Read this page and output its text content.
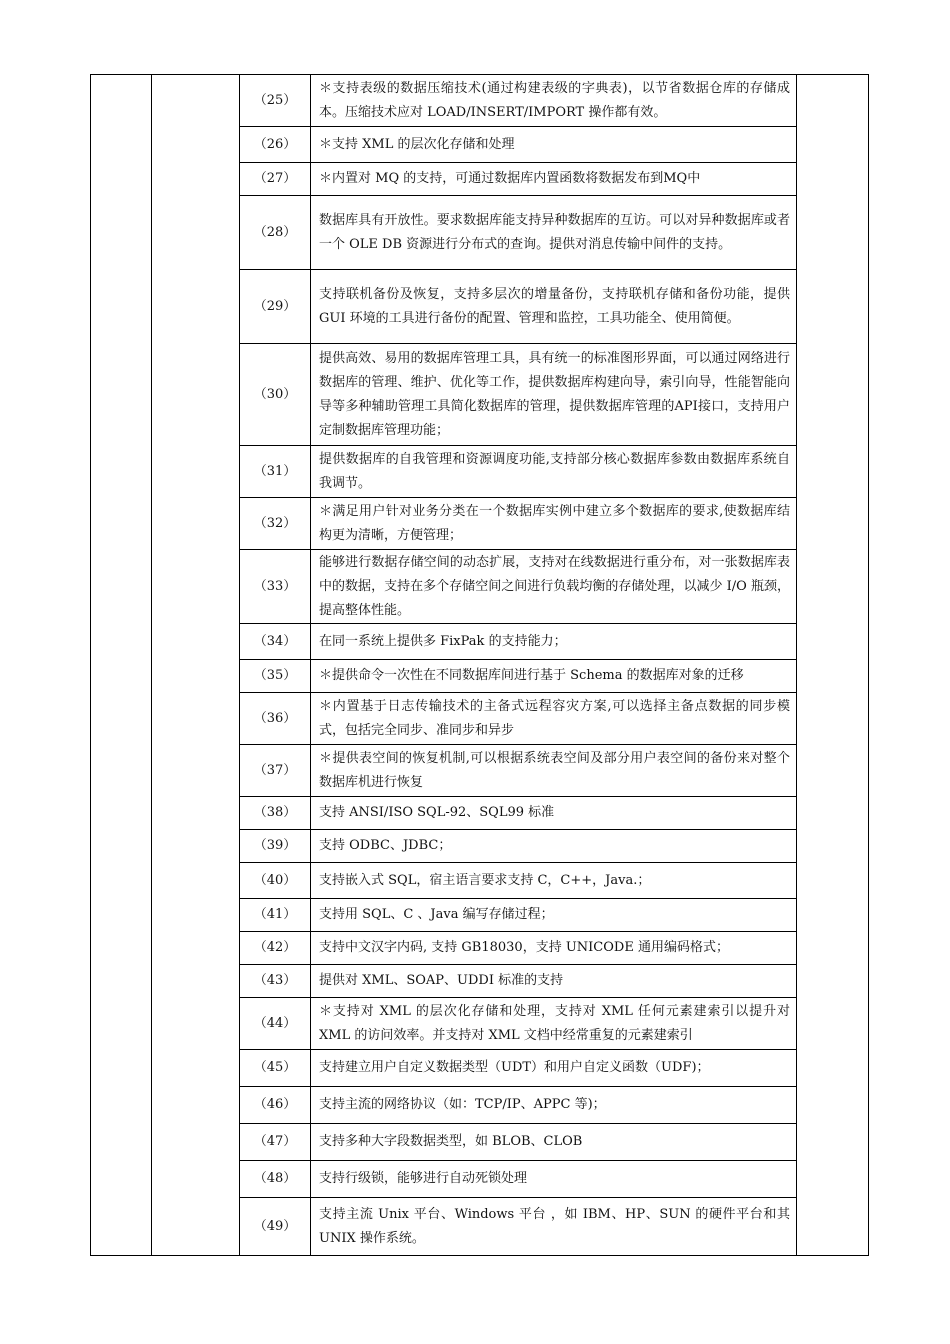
		（25）	＊支持表级的数据压缩技术(通过构建表级的字典表)，以节省数据仓库的存储成本。压缩技术应对 LOAD/INSERT/IMPORT 操作都有效。	
		（26）	＊支持 XML 的层次化存储和处理	
		（27）	＊内置对 MQ 的支持，可通过数据库内置函数将数据发布到MQ中	
		（28）	数据库具有开放性。要求数据库能支持异种数据库的互访。可以对异种数据库或者一个 OLE DB 资源进行分布式的查询。提供对消息传输中间件的支持。	
		（29）	支持联机备份及恢复，支持多层次的增量备份，支持联机存储和备份功能，提供 GUI 环境的工具进行备份的配置、管理和监控，工具功能全、使用简便。	
		（30）	提供高效、易用的数据库管理工具，具有统一的标准图形界面，可以通过网络进行数据库的管理、维护、优化等工作，提供数据库构建向导，索引向导，性能智能向导等多种辅助管理工具简化数据库的管理，提供数据库管理的API接口，支持用户定制数据库管理功能；	
		（31）	提供数据库的自我管理和资源调度功能,支持部分核心数据库参数由数据库系统自我调节。	
		（32）	＊满足用户针对业务分类在一个数据库实例中建立多个数据库的要求,使数据库结构更为清晰，方便管理；	
		（33）	能够进行数据存储空间的动态扩展，支持对在线数据进行重分布，对一张数据库表中的数据，支持在多个存储空间之间进行负载均衡的存储处理，以减少 I/O 瓶颈，提高整体性能。	
		（34）	在同一系统上提供多 FixPak 的支持能力；	
		（35）	＊提供命令一次性在不同数据库间进行基于 Schema 的数据库对象的迁移	
		（36）	＊内置基于日志传输技术的主备式远程容灾方案,可以选择主备点数据的同步模式，包括完全同步、准同步和异步	
		（37）	＊提供表空间的恢复机制,可以根据系统表空间及部分用户表空间的备份来对整个数据库机进行恢复	
		（38）	支持 ANSI/ISO SQL-92、SQL99 标准	
		（39）	支持 ODBC、JDBC；	
		（40）	支持嵌入式 SQL，宿主语言要求支持 C，C++，Java.；	
		（41）	支持用 SQL、C 、Java 编写存储过程；	
		（42）	支持中文汉字内码, 支持 GB18030，支持 UNICODE 通用编码格式；	
		（43）	提供对 XML、SOAP、UDDI 标准的支持	
		（44）	＊支持对 XML 的层次化存储和处理，支持对 XML 任何元素建索引以提升对 XML 的访问效率。并支持对 XML 文档中经常重复的元素建索引	
		（45）	支持建立用户自定义数据类型（UDT）和用户自定义函数（UDF)；	
		（46）	支持主流的网络协议（如：TCP/IP、APPC 等)；	
		（47）	支持多种大字段数据类型，如 BLOB、CLOB	
		（48）	支持行级锁，能够进行自动死锁处理	
		（49）	支持主流 Unix 平台、Windows 平台 ，如 IBM、HP、SUN 的硬件平台和其 UNIX 操作系统。	
